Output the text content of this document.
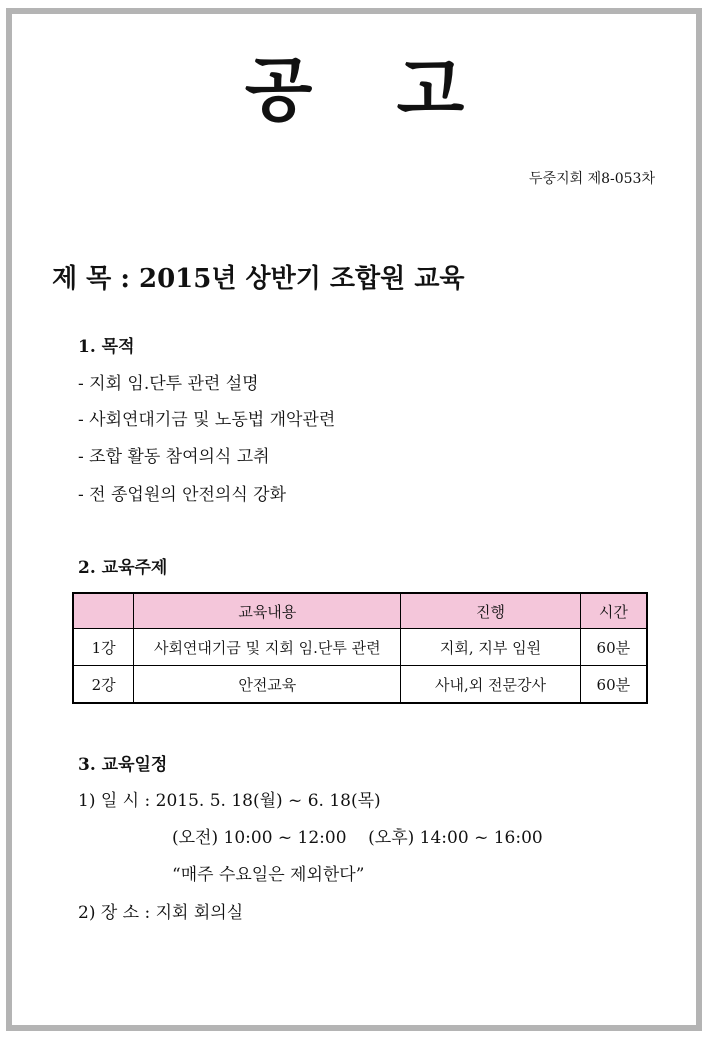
공 고
두중지회 제8-053차
제 목 : 2015년 상반기 조합원 교육
1. 목적
- 지회 임.단투 관련 설명
- 사회연대기금 및 노동법 개악관련
- 조합 활동 참여의식 고취
- 전 종업원의 안전의식 강화
2. 교육주제
	교육내용	진행	시간
1강	사회연대기금 및 지회 임.단투 관련	지회, 지부 임원	60분
2강	안전교육	사내,외 전문강사	60분
3. 교육일정
1) 일 시 : 2015. 5. 18(월) ~ 6. 18(목)
(오전) 10:00 ~ 12:00    (오후) 14:00 ~ 16:00
“매주 수요일은 제외한다”
2) 장 소 : 지회 회의실
